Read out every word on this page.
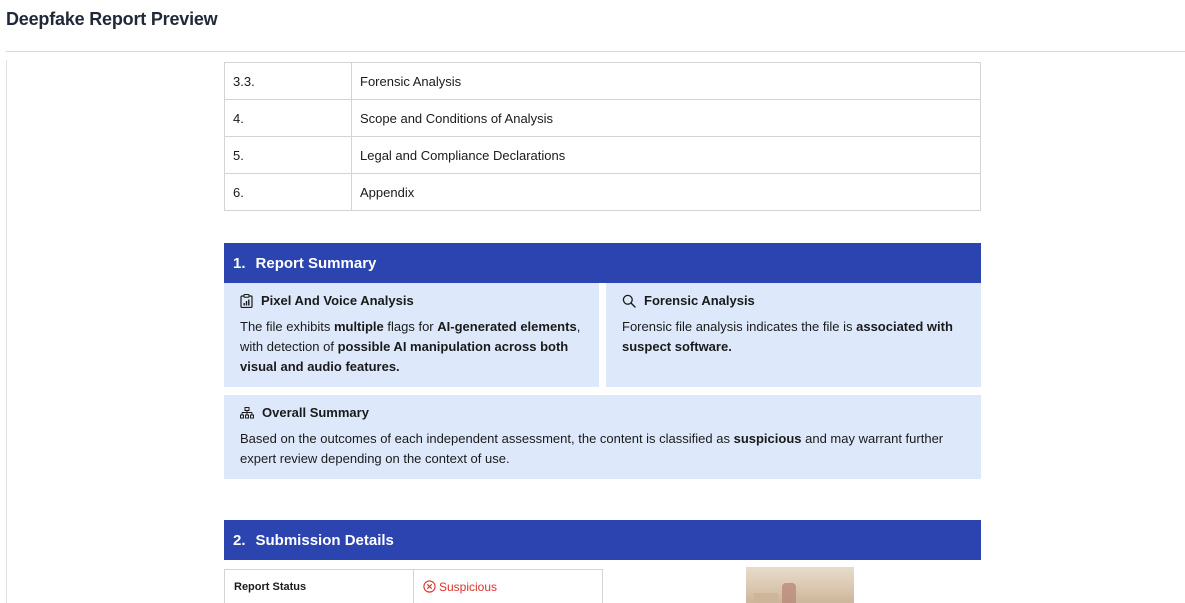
Deepfake Report Preview
3.3.	Forensic Analysis
4.	Scope and Conditions of Analysis
5.	Legal and Compliance Declarations
6.	Appendix
1. Report Summary
Pixel And Voice Analysis
The file exhibits multiple flags for AI-generated elements, with detection of possible AI manipulation across both visual and audio features.
Forensic Analysis
Forensic file analysis indicates the file is associated with suspect software.
Overall Summary
Based on the outcomes of each independent assessment, the content is classified as suspicious and may warrant further expert review depending on the context of use.
2. Submission Details
Report Status	Suspicious
